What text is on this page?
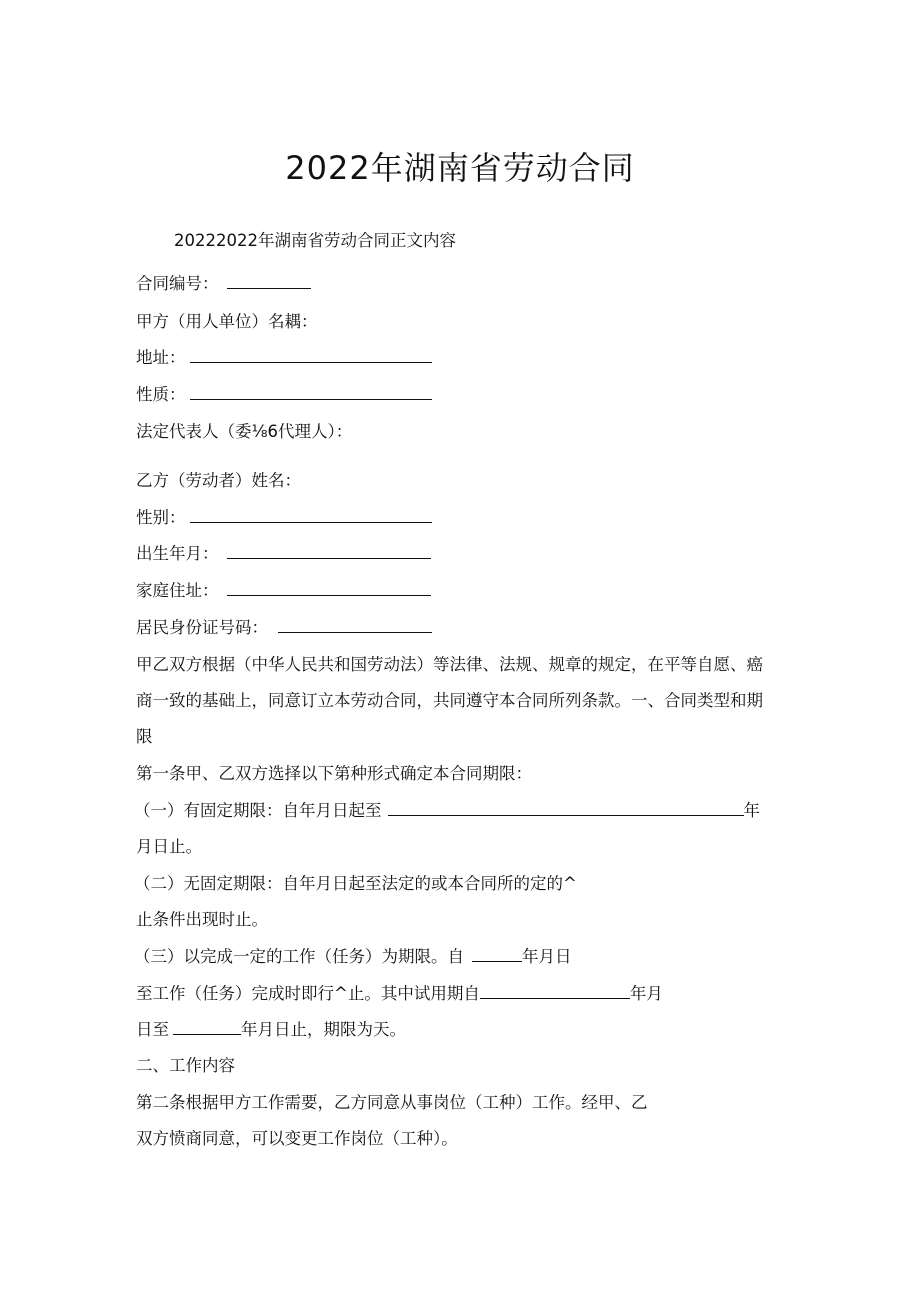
2022年湖南省劳动合同
20222022年湖南省劳动合同正文内容
合同编号：
甲方（用人单位）名耦：
地址：
性质：
法定代表人（委⅛6代理人）：
乙方（劳动者）姓名：
性别：
出生年月：
家庭住址：
居民身份证号码：
甲乙双方根据（中华人民共和国劳动法）等法律、法规、规章的规定，在平等自愿、癌
商一致的基础上，同意订立本劳动合同，共同遵守本合同所列条款。一、合同类型和期
限
第一条甲、乙双方选择以下第种形式确定本合同期限：
（一）有固定期限：自年月日起至	年
月日止。
（二）无固定期限：自年月日起至法定的或本合同所的定的^
止条件出现时止。
（三）以完成一定的工作（任务）为期限。自	年月日
至工作（任务）完成时即行^止。其中试用期自	年月
日至	年月日止，期限为天。
二、工作内容
第二条根据甲方工作需要，乙方同意从事岗位（工种）工作。经甲、乙
双方愤商同意，可以变更工作岗位（工种）。
